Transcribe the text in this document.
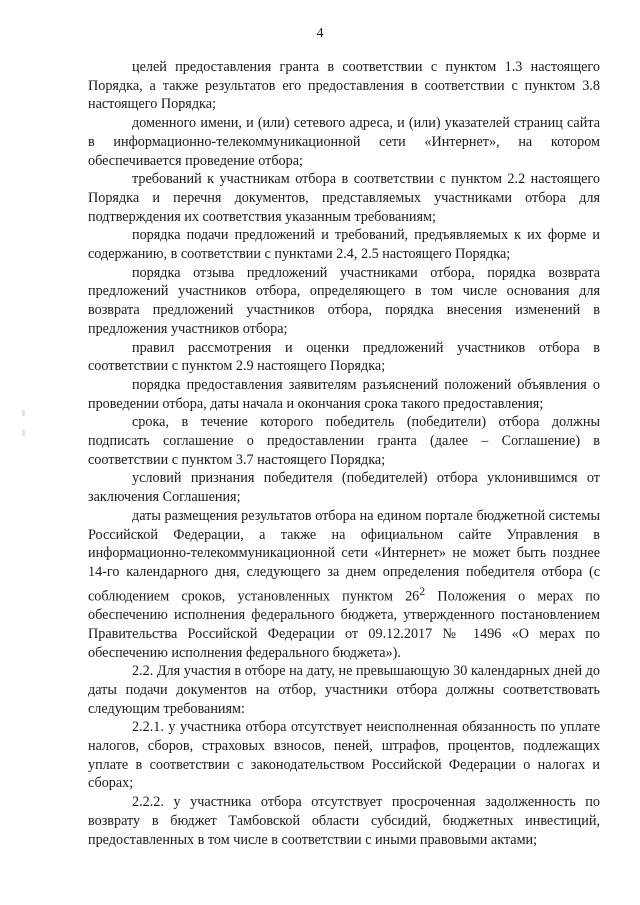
4

целей предоставления гранта в соответствии с пунктом 1.3 настоящего Порядка, а также результатов его предоставления в соответствии с пунктом 3.8 настоящего Порядка;

доменного имени, и (или) сетевого адреса, и (или) указателей страниц сайта в информационно-телекоммуникационной сети «Интернет», на котором обеспечивается проведение отбора;

требований к участникам отбора в соответствии с пунктом 2.2 настоящего Порядка и перечня документов, представляемых участниками отбора для подтверждения их соответствия указанным требованиям;

порядка подачи предложений и требований, предъявляемых к их форме и содержанию, в соответствии с пунктами 2.4, 2.5 настоящего Порядка;

порядка отзыва предложений участниками отбора, порядка возврата предложений участников отбора, определяющего в том числе основания для возврата предложений участников отбора, порядка внесения изменений в предложения участников отбора;

правил рассмотрения и оценки предложений участников отбора в соответствии с пунктом 2.9 настоящего Порядка;

порядка предоставления заявителям разъяснений положений объявления о проведении отбора, даты начала и окончания срока такого предоставления;

срока, в течение которого победитель (победители) отбора должны подписать соглашение о предоставлении гранта (далее – Соглашение) в соответствии с пунктом 3.7 настоящего Порядка;

условий признания победителя (победителей) отбора уклонившимся от заключения Соглашения;

даты размещения результатов отбора на едином портале бюджетной системы Российской Федерации, а также на официальном сайте Управления в информационно-телекоммуникационной сети «Интернет» не может быть позднее 14-го календарного дня, следующего за днем определения победителя отбора (с соблюдением сроков, установленных пунктом $26^2$ Положения о мерах по обеспечению исполнения федерального бюджета, утвержденного постановлением Правительства Российской Федерации от 09.12.2017 № 1496 «О мерах по обеспечению исполнения федерального бюджета»).

2.2. Для участия в отборе на дату, не превышающую 30 календарных дней до даты подачи документов на отбор, участники отбора должны соответствовать следующим требованиям:

2.2.1. у участника отбора отсутствует неисполненная обязанность по уплате налогов, сборов, страховых взносов, пеней, штрафов, процентов, подлежащих уплате в соответствии с законодательством Российской Федерации о налогах и сборах;

2.2.2. у участника отбора отсутствует просроченная задолженность по возврату в бюджет Тамбовской области субсидий, бюджетных инвестиций, предоставленных в том числе в соответствии с иными правовыми актами;
